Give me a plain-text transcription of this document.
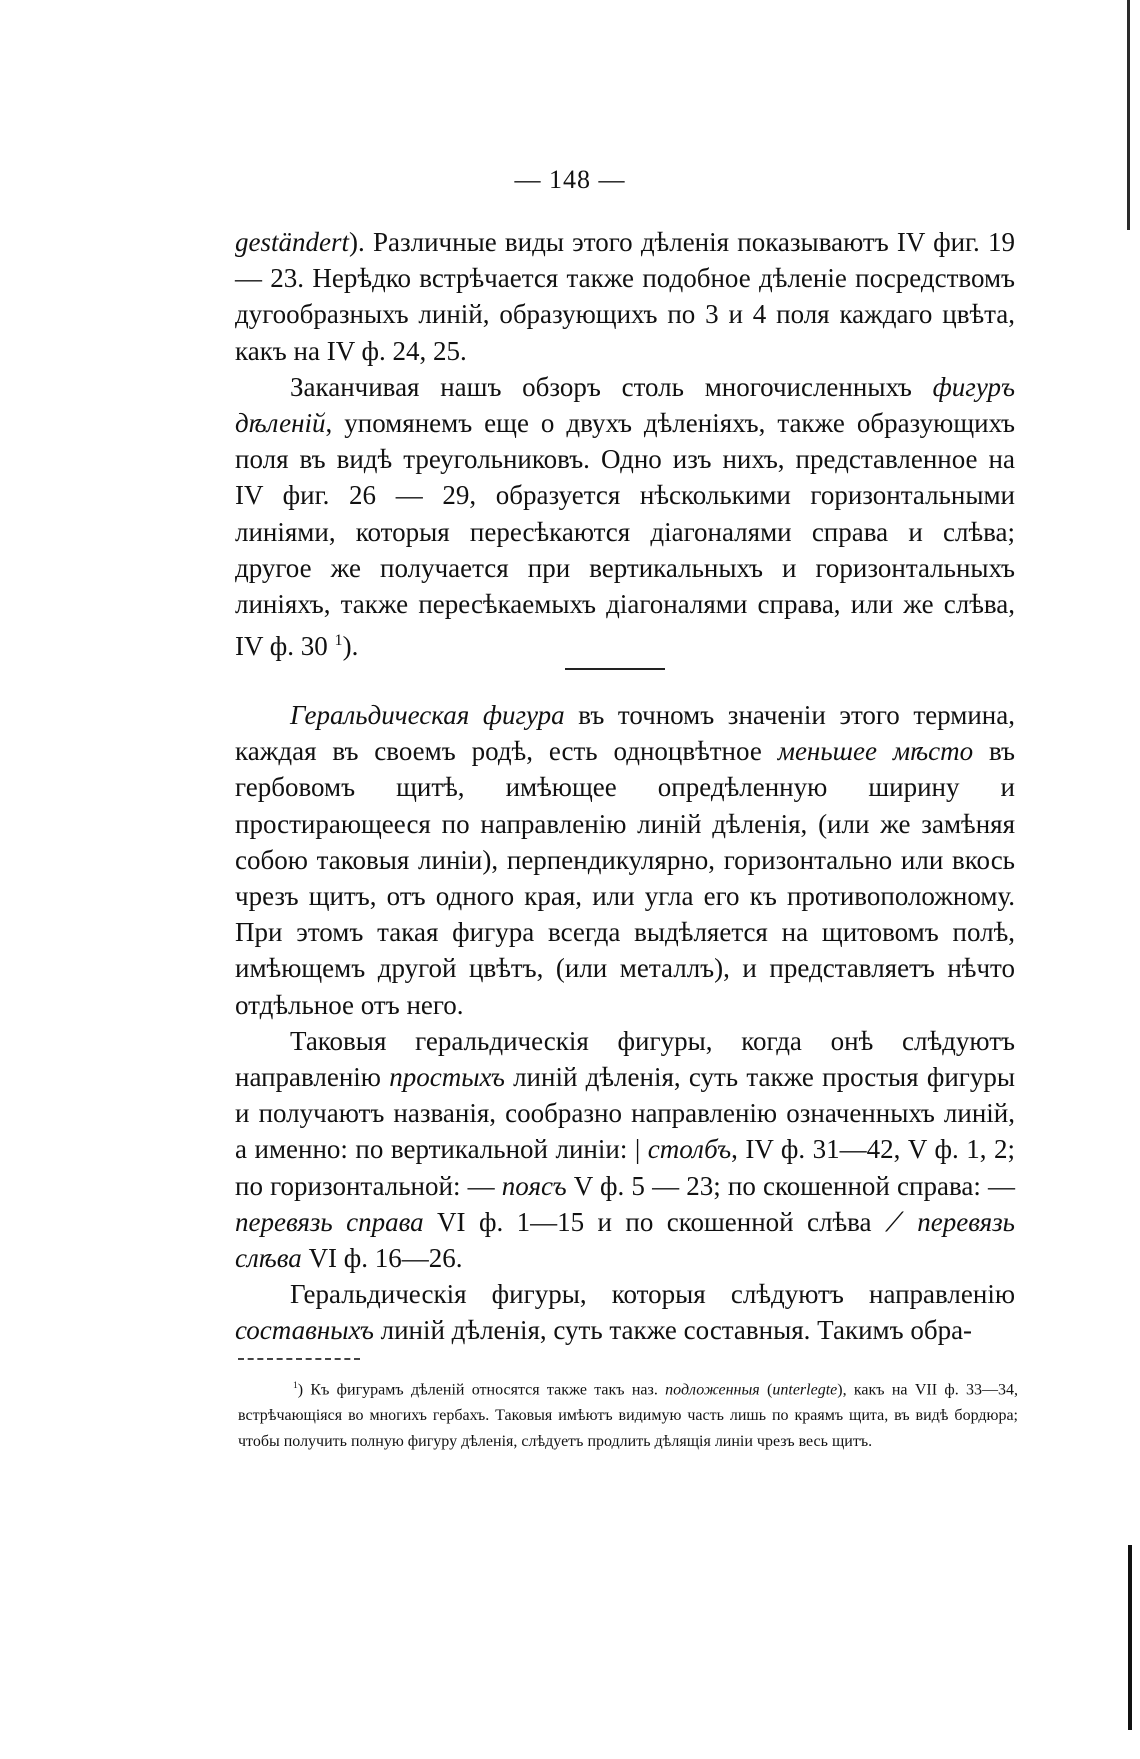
— 148 —

geständert). Различные виды этого дѣленія показываютъ IV фиг. 19 — 23. Нерѣдко встрѣчается также подобное дѣленіе посредствомъ дугообразныхъ линій, образующихъ по 3 и 4 поля каждаго цвѣта, какъ на IV ф. 24, 25.

Заканчивая нашъ обзоръ столь многочисленныхъ фигуръ дѣленій, упомянемъ еще о двухъ дѣленіяхъ, также образующихъ поля въ видѣ треугольниковъ. Одно изъ нихъ, представленное на IV фиг. 26 — 29, образуется нѣсколькими горизонтальными линіями, которыя пересѣкаются діагоналями справа и слѣва; другое же получается при вертикальныхъ и горизонтальныхъ линіяхъ, также пересѣкаемыхъ діагоналями справа, или же слѣва, IV ф. 30 $^1$).

Геральдическая фигура въ точномъ значеніи этого термина, каждая въ своемъ родѣ, есть одноцвѣтное меньшее мѣсто въ гербовомъ щитѣ, имѣющее опредѣленную ширину и простирающееся по направленію линій дѣленія, (или же замѣняя собою таковыя линіи), перпендикулярно, горизонтально или вкось чрезъ щитъ, отъ одного края, или угла его къ противоположному. При этомъ такая фигура всегда выдѣляется на щитовомъ полѣ, имѣющемъ другой цвѣтъ, (или металлъ), и представляетъ нѣчто отдѣльное отъ него.

Таковыя геральдическія фигуры, когда онѣ слѣдуютъ направленію простыхъ линій дѣленія, суть также простыя фигуры и получаютъ названія, сообразно направленію означенныхъ линій, а именно: по вертикальной линіи: | столбъ, IV ф. 31—42, V ф. 1, 2; по горизонтальной: — поясъ V ф. 5 — 23; по скошенной справа: — перевязь справа VI ф. 1—15 и по скошенной слѣва ⟋ перевязь слѣва VI ф. 16—26.

Геральдическія фигуры, которыя слѣдуютъ направленію составныхъ линій дѣленія, суть также составныя. Такимъ обра-

$^1$) Къ фигурамъ дѣленій относятся также такъ наз. подложенныя (unterlegte), какъ на VII ф. 33—34, встрѣчающіяся во многихъ гербахъ. Таковыя имѣютъ видимую часть лишь по краямъ щита, въ видѣ бордюра; чтобы получить полную фигуру дѣленія, слѣдуетъ продлить дѣлящія линіи чрезъ весь щитъ.
